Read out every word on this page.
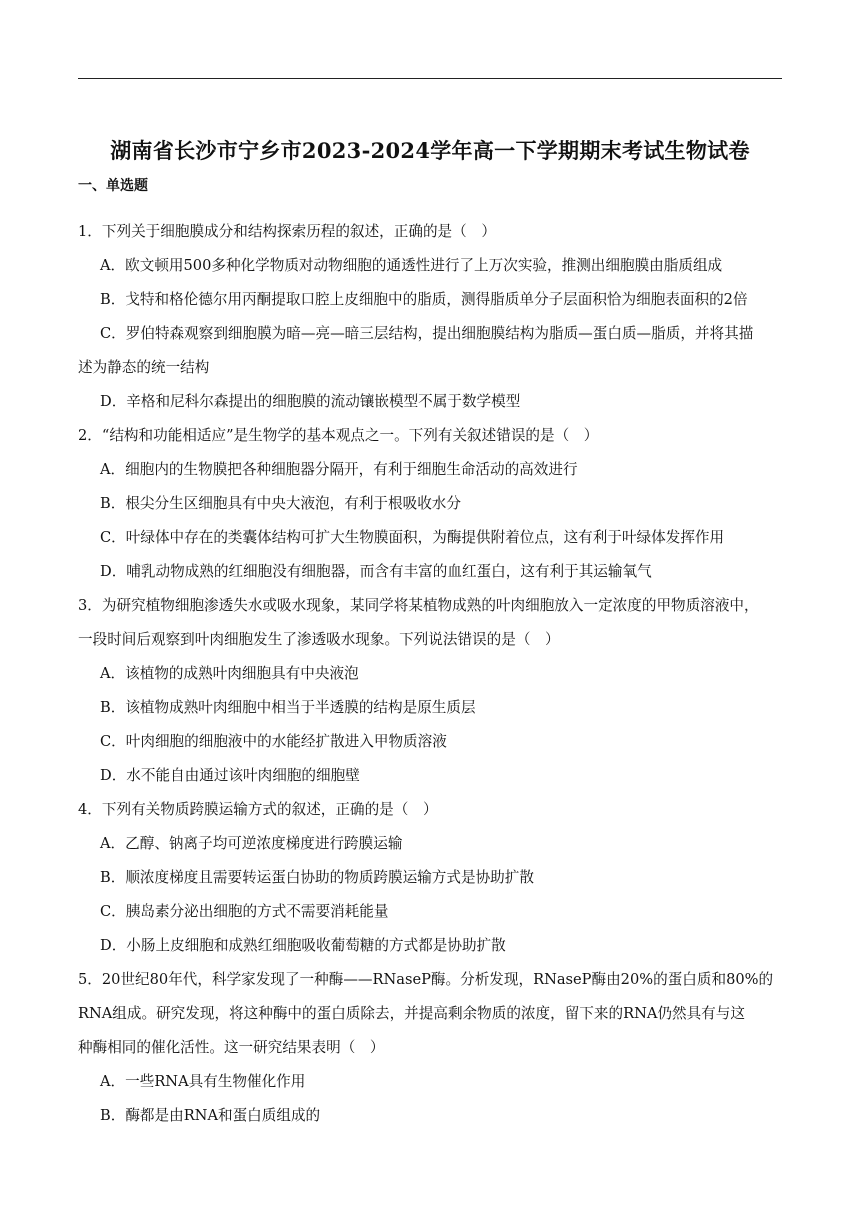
湖南省长沙市宁乡市2023-2024学年高一下学期期末考试生物试卷
一、单选题
1．下列关于细胞膜成分和结构探索历程的叙述，正确的是（　）
A．欧文顿用500多种化学物质对动物细胞的通透性进行了上万次实验，推测出细胞膜由脂质组成
B．戈特和格伦德尔用丙酮提取口腔上皮细胞中的脂质，测得脂质单分子层面积恰为细胞表面积的2倍
C．罗伯特森观察到细胞膜为暗—亮—暗三层结构，提出细胞膜结构为脂质—蛋白质—脂质，并将其描
述为静态的统一结构
D．辛格和尼科尔森提出的细胞膜的流动镶嵌模型不属于数学模型
2．“结构和功能相适应”是生物学的基本观点之一。下列有关叙述错误的是（　）
A．细胞内的生物膜把各种细胞器分隔开，有利于细胞生命活动的高效进行
B．根尖分生区细胞具有中央大液泡，有利于根吸收水分
C．叶绿体中存在的类囊体结构可扩大生物膜面积，为酶提供附着位点，这有利于叶绿体发挥作用
D．哺乳动物成熟的红细胞没有细胞器，而含有丰富的血红蛋白，这有利于其运输氧气
3．为研究植物细胞渗透失水或吸水现象，某同学将某植物成熟的叶肉细胞放入一定浓度的甲物质溶液中，
一段时间后观察到叶肉细胞发生了渗透吸水现象。下列说法错误的是（　）
A．该植物的成熟叶肉细胞具有中央液泡
B．该植物成熟叶肉细胞中相当于半透膜的结构是原生质层
C．叶肉细胞的细胞液中的水能经扩散进入甲物质溶液
D．水不能自由通过该叶肉细胞的细胞壁
4．下列有关物质跨膜运输方式的叙述，正确的是（　）
A．乙醇、钠离子均可逆浓度梯度进行跨膜运输
B．顺浓度梯度且需要转运蛋白协助的物质跨膜运输方式是协助扩散
C．胰岛素分泌出细胞的方式不需要消耗能量
D．小肠上皮细胞和成熟红细胞吸收葡萄糖的方式都是协助扩散
5．20世纪80年代，科学家发现了一种酶——RNaseP酶。分析发现，RNaseP酶由20%的蛋白质和80%的
RNA组成。研究发现，将这种酶中的蛋白质除去，并提高剩余物质的浓度，留下来的RNA仍然具有与这
种酶相同的催化活性。这一研究结果表明（　）
A．一些RNA具有生物催化作用
B．酶都是由RNA和蛋白质组成的
